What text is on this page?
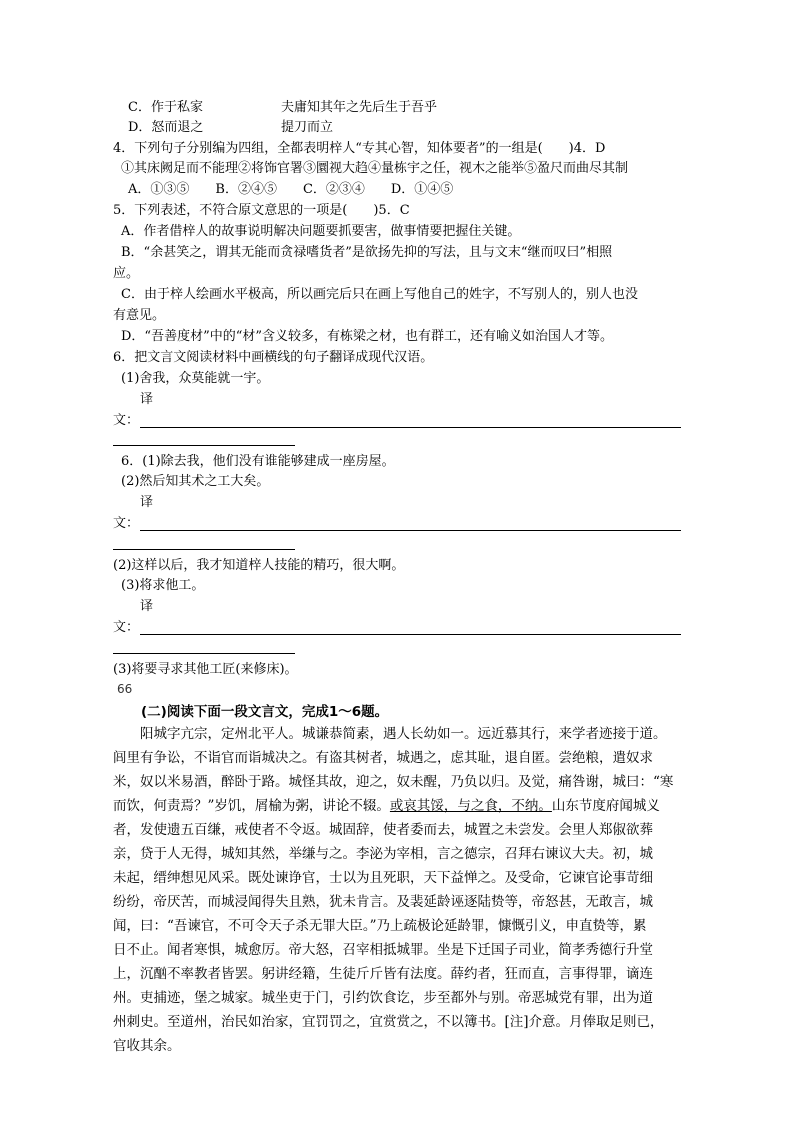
C．作于私家	夫庸知其年之先后生于吾乎
D．怒而退之	提刀而立
4．下列句子分别编为四组，全都表明梓人“专其心智，知体要者”的一组是(　　)4．D
①其床阙足而不能理②将饰官署③圜视大趋④量栋宇之任，视木之能举⑤盈尺而曲尽其制
A．①③⑤　　B．②④⑤　　C．②③④　　D．①④⑤
5．下列表述，不符合原文意思的一项是(　　)5．C
A．作者借梓人的故事说明解决问题要抓要害，做事情要把握住关键。
B．“余甚笑之，谓其无能而贪禄嗜货者”是欲扬先抑的写法，且与文末“继而叹曰”相照
应。
C．由于梓人绘画水平极高，所以画完后只在画上写他自己的姓字，不写别人的，别人也没
有意见。
D．“吾善度材”中的“材”含义较多，有栋梁之材，也有群工，还有喻义如治国人才等。
6．把文言文阅读材料中画横线的句子翻译成现代汉语。
(1)舍我，众莫能就一宇。
译
文：
6．(1)除去我，他们没有谁能够建成一座房屋。
(2)然后知其术之工大矣。
译
文：
(2)这样以后，我才知道梓人技能的精巧，很大啊。
(3)将求他工。
译
文：
(3)将要寻求其他工匠(来修床)。
66
(二)阅读下面一段文言文，完成1～6题。
　　阳城字亢宗，定州北平人。城谦恭简素，遇人长幼如一。远近慕其行，来学者迹接于道。
闾里有争讼，不诣官而诣城决之。有盗其树者，城遇之，虑其耻，退自匿。尝绝粮，遣奴求
米，奴以米易酒，醉卧于路。城怪其故，迎之，奴未醒，乃负以归。及觉，痛咎谢，城曰：“寒
而饮，何责焉？”岁饥，屑榆为粥，讲论不辍。或哀其馁，与之食，不纳。山东节度府闻城义
者，发使遗五百缣，戒使者不令返。城固辞，使者委而去，城置之未尝发。会里人郑俶欲葬
亲，贷于人无得，城知其然，举缣与之。李泌为宰相，言之德宗，召拜右谏议大夫。初，城
未起，缙绅想见风采。既处谏诤官，士以为且死职，天下益惮之。及受命，它谏官论事苛细
纷纷，帝厌苦，而城浸闻得失且熟，犹未肯言。及裴延龄诬逐陆贽等，帝怒甚，无敢言，城
闻，曰：“吾谏官，不可令天子杀无罪大臣。”乃上疏极论延龄罪，慷慨引义，申直贽等，累
日不止。闻者寒惧，城愈厉。帝大怒，召宰相抵城罪。坐是下迁国子司业，简孝秀德行升堂
上，沉酗不率教者皆罢。躬讲经籍，生徒斤斤皆有法度。薛约者，狂而直，言事得罪，谪连
州。吏捕迹，堡之城家。城坐吏于门，引约饮食讫，步至都外与别。帝恶城党有罪，出为道
州刺史。至道州，治民如治家，宜罚罚之，宜赏赏之，不以簿书。[注]介意。月俸取足则已，
官收其余。
